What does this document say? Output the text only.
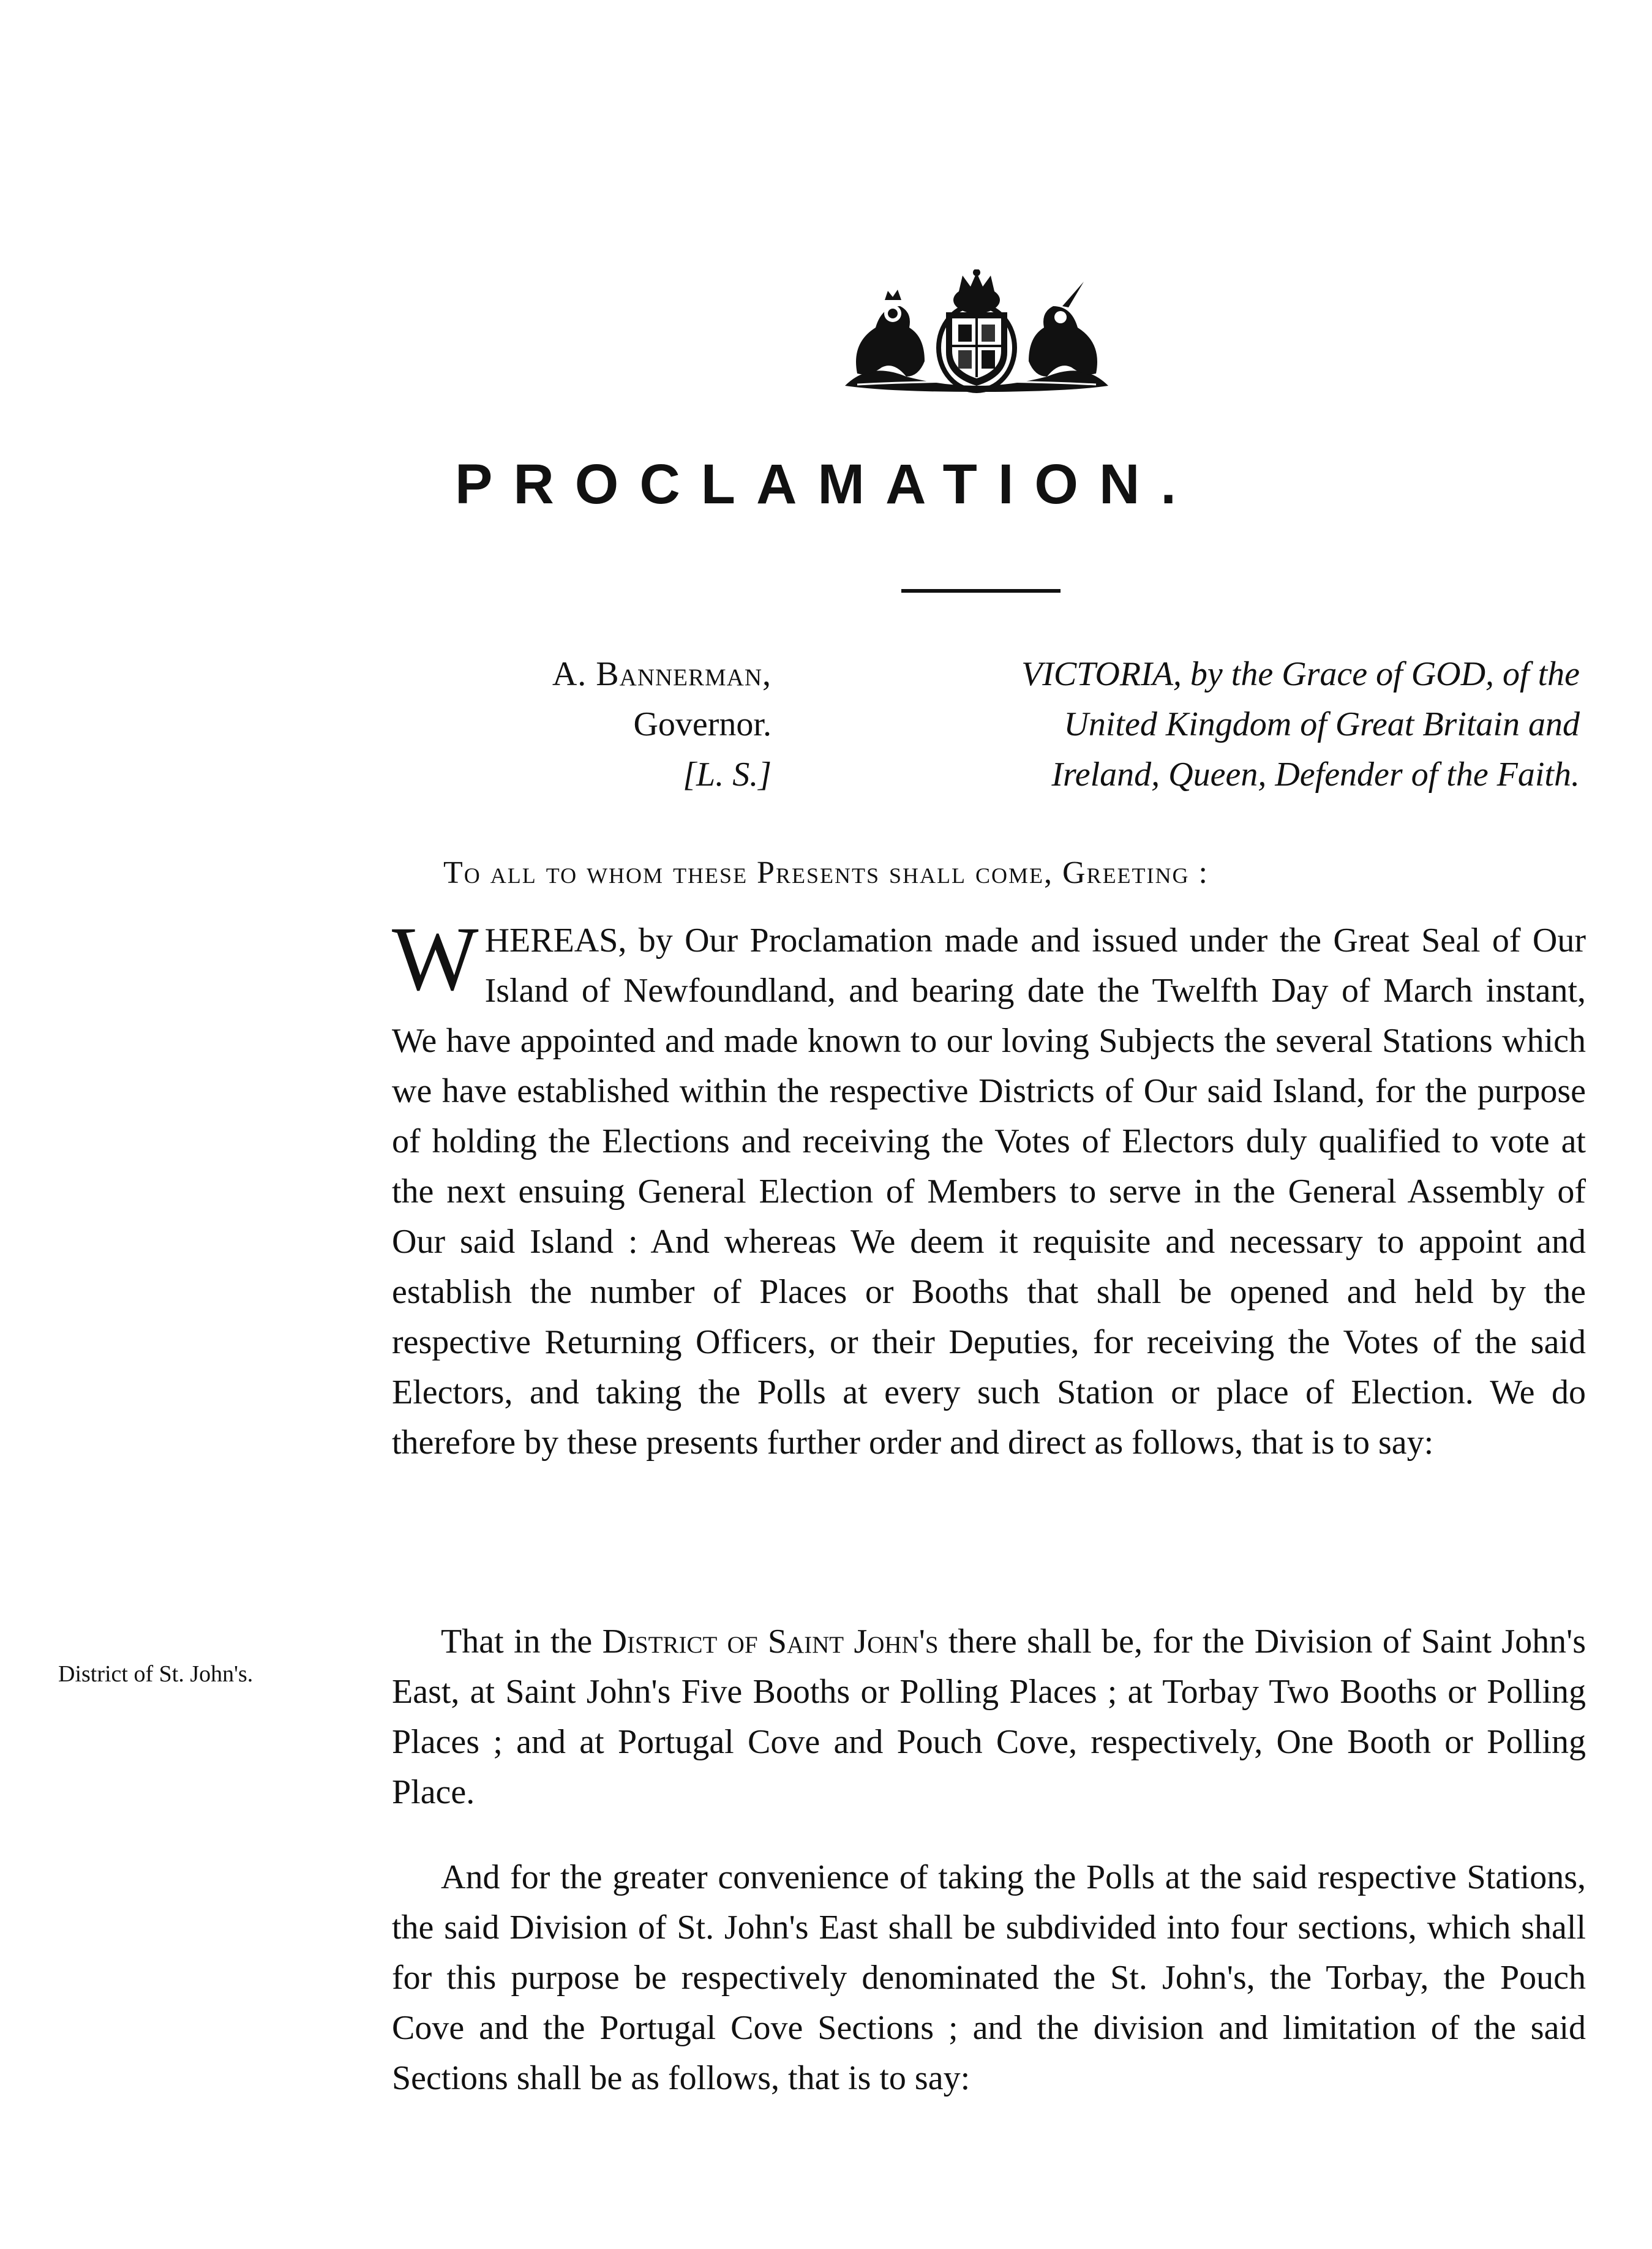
PROCLAMATION.
A. Bannerman,
Governor.
[L. S.]
VICTORIA, by the Grace of GOD, of the
United Kingdom of Great Britain and
Ireland, Queen, Defender of the Faith.
To all to whom these Presents shall come, Greeting :
WHEREAS, by Our Proclamation made and issued under the Great Seal of Our Island of Newfoundland, and bearing date the Twelfth Day of March instant, We have appointed and made known to our loving Subjects the several Stations which we have established within the respective Districts of Our said Island, for the purpose of holding the Elections and receiving the Votes of Electors duly qualified to vote at the next ensuing General Election of Members to serve in the General Assembly of Our said Island : And whereas We deem it requisite and necessary to appoint and establish the number of Places or Booths that shall be opened and held by the respective Returning Officers, or their Deputies, for receiving the Votes of the said Electors, and taking the Polls at every such Station or place of Election. We do therefore by these presents further order and direct as follows, that is to say:
District of St. John's.
That in the District of Saint John's there shall be, for the Division of Saint John's East, at Saint John's Five Booths or Polling Places ; at Torbay Two Booths or Polling Places ; and at Portugal Cove and Pouch Cove, respectively, One Booth or Polling Place.
And for the greater convenience of taking the Polls at the said respective Stations, the said Division of St. John's East shall be subdivided into four sections, which shall for this purpose be respectively denominated the St. John's, the Torbay, the Pouch Cove and the Portugal Cove Sections ; and the division and limitation of the said Sections shall be as follows, that is to say:
